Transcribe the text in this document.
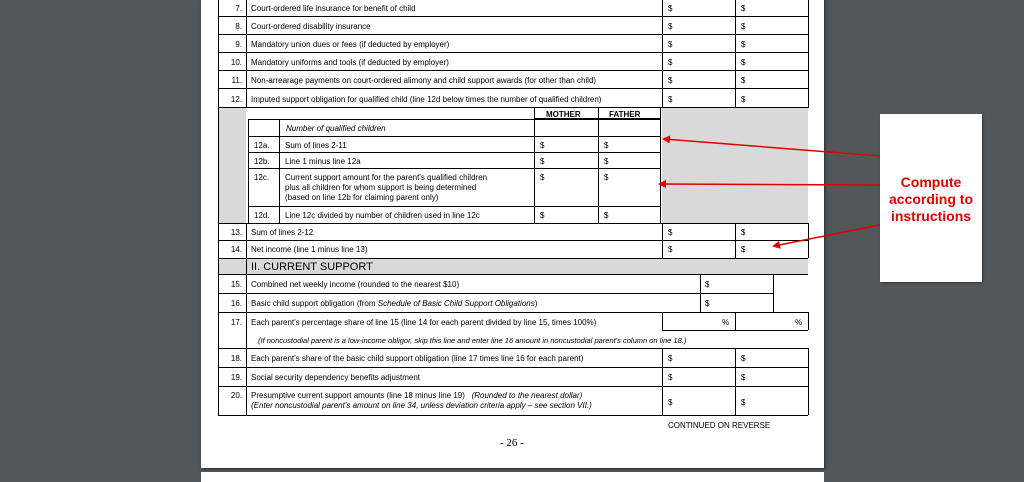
7. Court-ordered life insurance for benefit of child	$	$
8. Court-ordered disability insurance	$	$
9. Mandatory union dues or fees (if deducted by employer)	$	$
10. Mandatory uniforms and tools (if deducted by employer)	$	$
11. Non-arrearage payments on court-ordered alimony and child support awards (for other than child)	$	$
12. Imputed support obligation for qualified child (line 12d below times the number of qualified children)	$	$
MOTHER	FATHER
Number of qualified children
12a. Sum of lines 2-11	$	$
12b. Line 1 minus line 12a	$	$
12c. Current support amount for the parent's qualified children
plus all children for whom support is being determined
(based on line 12b for claiming parent only)
$	$
12d. Line 12c divided by number of children used in line 12c	$	$
13. Sum of lines 2-12	$	$
14. Net income (line 1 minus line 13)	$	$
II. CURRENT SUPPORT
15. Combined net weekly income (rounded to the nearest $10)	$
16. Basic child support obligation (from Schedule of Basic Child Support Obligations)	$
17. Each parent's percentage share of line 15 (line 14 for each parent divided by line 15, times 100%)	%	%
(If noncustodial parent is a low-income obligor, skip this line and enter line 16 amount in noncustodial parent's column on line 18.)
18. Each parent's share of the basic child support obligation (line 17 times line 16 for each parent)	$	$
19. Social security dependency benefits adjustment	$	$
20. Presumptive current support amounts (line 18 minus line 19) (Rounded to the nearest dollar)
(Enter noncustodial parent's amount on line 34, unless deviation criteria apply – see section VII.)	$	$
CONTINUED ON REVERSE
- 26 -
Compute according to instructions
